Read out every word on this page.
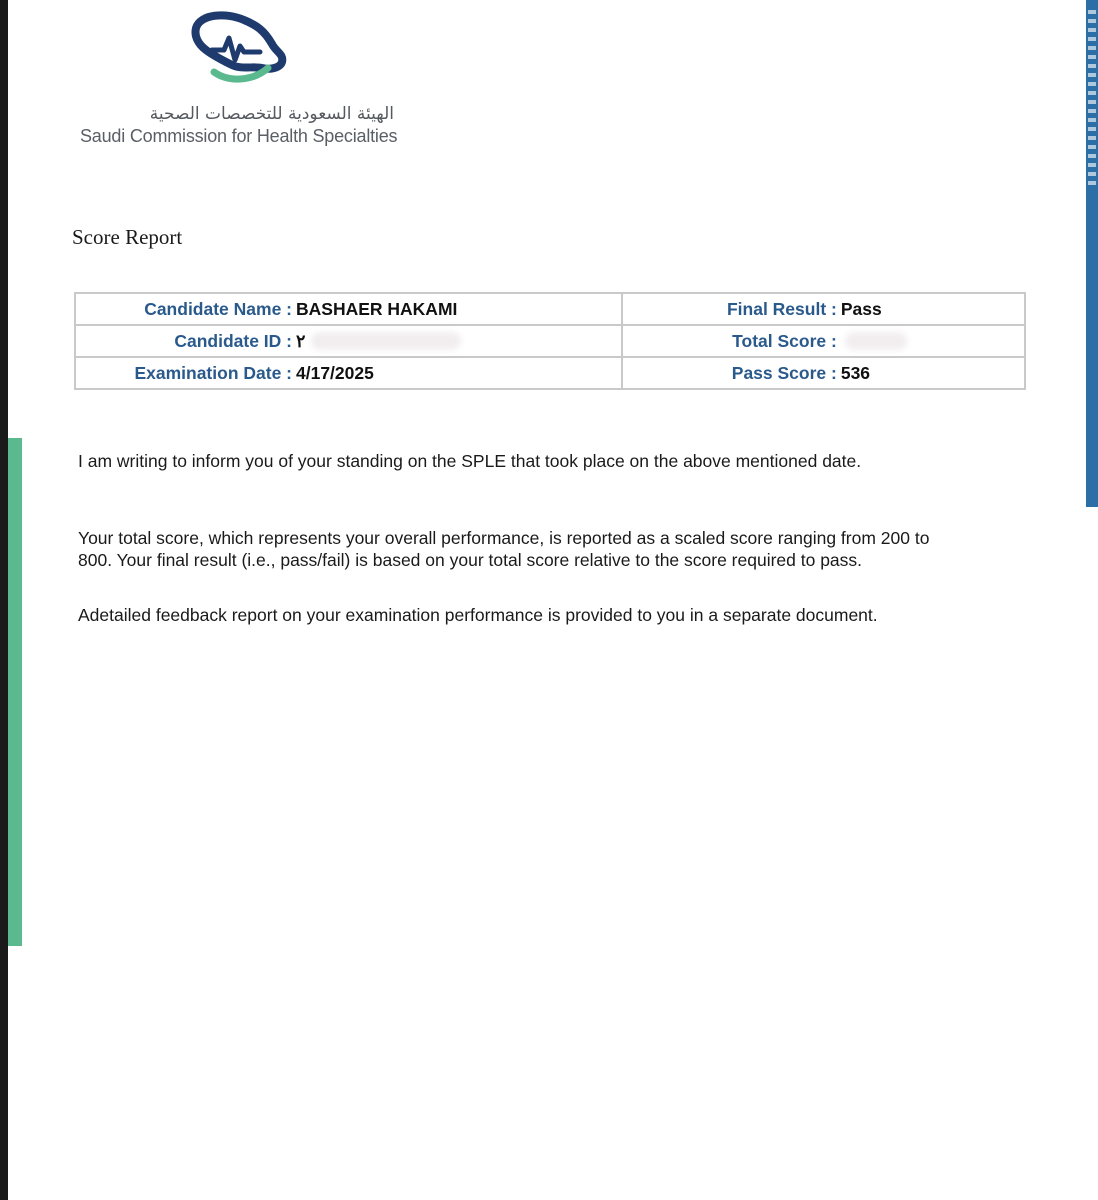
الهيئة السعودية للتخصصات الصحية
Saudi Commission for Health Specialties
Score Report
Candidate Name : BASHAER HAKAMI	Final Result : Pass

Candidate ID : ٢	Total Score :

Examination Date : 4/17/2025	Pass Score : 536

I am writing to inform you of your standing on the SPLE that took place on the above mentioned date.

Your total score, which represents your overall performance, is reported as a scaled score ranging from 200 to
800. Your final result (i.e., pass/fail) is based on your total score relative to the score required to pass.

Adetailed feedback report on your examination performance is provided to you in a separate document.
